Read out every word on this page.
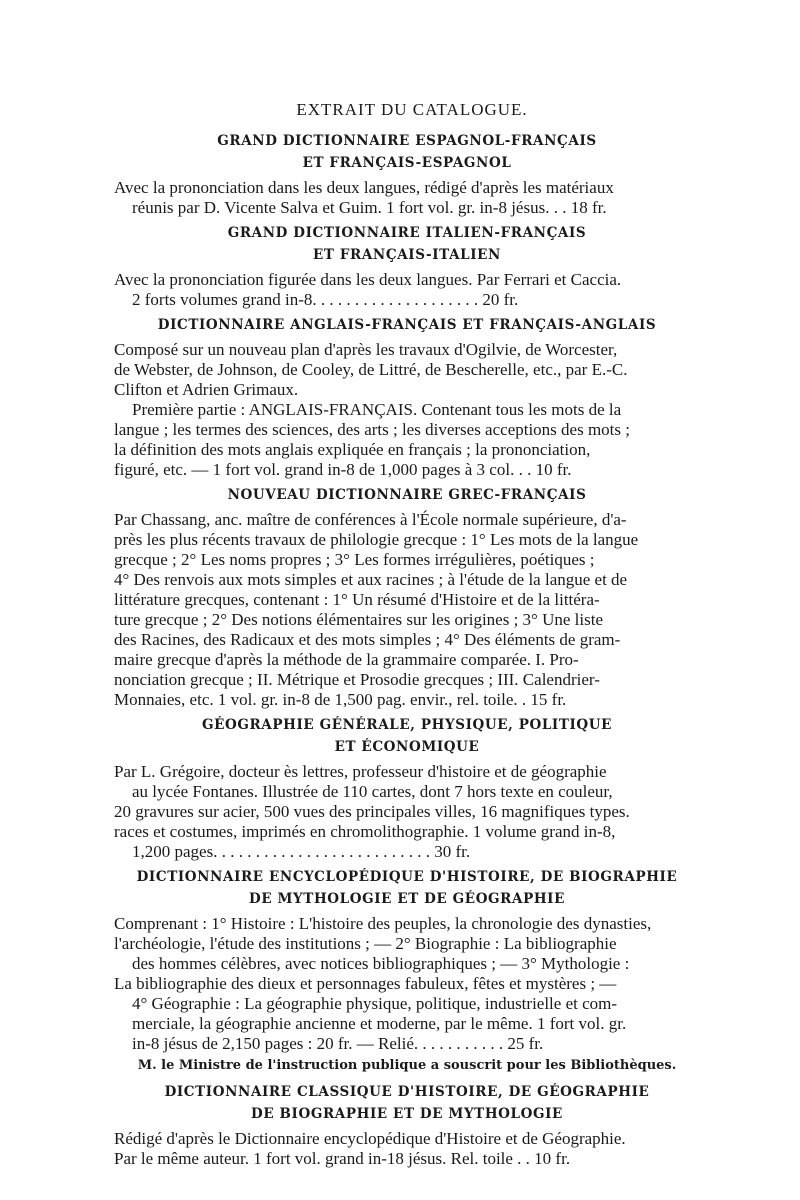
EXTRAIT DU CATALOGUE.
GRAND DICTIONNAIRE ESPAGNOL-FRANÇAIS
ET FRANÇAIS-ESPAGNOL
Avec la prononciation dans les deux langues, rédigé d'après les matériaux
réunis par D. Vicente Salva et Guim. 1 fort vol. gr. in-8 jésus. . . 18 fr.
GRAND DICTIONNAIRE ITALIEN-FRANÇAIS
ET FRANÇAIS-ITALIEN
Avec la prononciation figurée dans les deux langues. Par Ferrari et Caccia.
2 forts volumes grand in-8. . . . . . . . . . . . . . . . . . . . 20 fr.
DICTIONNAIRE ANGLAIS-FRANÇAIS ET FRANÇAIS-ANGLAIS
Composé sur un nouveau plan d'après les travaux d'Ogilvie, de Worcester,
de Webster, de Johnson, de Cooley, de Littré, de Bescherelle, etc., par E.-C.
Clifton et Adrien Grimaux.
Première partie : ANGLAIS-FRANÇAIS. Contenant tous les mots de la
langue ; les termes des sciences, des arts ; les diverses acceptions des mots ;
la définition des mots anglais expliquée en français ; la prononciation,
figuré, etc. — 1 fort vol. grand in-8 de 1,000 pages à 3 col. . . 10 fr.
NOUVEAU DICTIONNAIRE GREC-FRANÇAIS
Par Chassang, anc. maître de conférences à l'École normale supérieure, d'a-
près les plus récents travaux de philologie grecque : 1° Les mots de la langue
grecque ; 2° Les noms propres ; 3° Les formes irrégulières, poétiques ;
4° Des renvois aux mots simples et aux racines ; à l'étude de la langue et de
littérature grecques, contenant : 1° Un résumé d'Histoire et de la littéra-
ture grecque ; 2° Des notions élémentaires sur les origines ; 3° Une liste
des Racines, des Radicaux et des mots simples ; 4° Des éléments de gram-
maire grecque d'après la méthode de la grammaire comparée. I. Pro-
nonciation grecque ; II. Métrique et Prosodie grecques ; III. Calendrier-
Monnaies, etc. 1 vol. gr. in-8 de 1,500 pag. envir., rel. toile. . 15 fr.
GÉOGRAPHIE GÉNÉRALE, PHYSIQUE, POLITIQUE
ET ÉCONOMIQUE
Par L. Grégoire, docteur ès lettres, professeur d'histoire et de géographie
au lycée Fontanes. Illustrée de 110 cartes, dont 7 hors texte en couleur,
20 gravures sur acier, 500 vues des principales villes, 16 magnifiques types.
races et costumes, imprimés en chromolithographie. 1 volume grand in-8,
1,200 pages. . . . . . . . . . . . . . . . . . . . . . . . . . 30 fr.
DICTIONNAIRE ENCYCLOPÉDIQUE D'HISTOIRE, DE BIOGRAPHIE
DE MYTHOLOGIE ET DE GÉOGRAPHIE
Comprenant : 1° Histoire : L'histoire des peuples, la chronologie des dynasties,
l'archéologie, l'étude des institutions ; — 2° Biographie : La bibliographie
des hommes célèbres, avec notices bibliographiques ; — 3° Mythologie :
La bibliographie des dieux et personnages fabuleux, fêtes et mystères ; —
4° Géographie : La géographie physique, politique, industrielle et com-
merciale, la géographie ancienne et moderne, par le même. 1 fort vol. gr.
in-8 jésus de 2,150 pages : 20 fr. — Relié. . . . . . . . . . . 25 fr.
M. le Ministre de l'instruction publique a souscrit pour les Bibliothèques.
DICTIONNAIRE CLASSIQUE D'HISTOIRE, DE GÉOGRAPHIE
DE BIOGRAPHIE ET DE MYTHOLOGIE
Rédigé d'après le Dictionnaire encyclopédique d'Histoire et de Géographie.
Par le même auteur. 1 fort vol. grand in-18 jésus. Rel. toile . . 10 fr.
